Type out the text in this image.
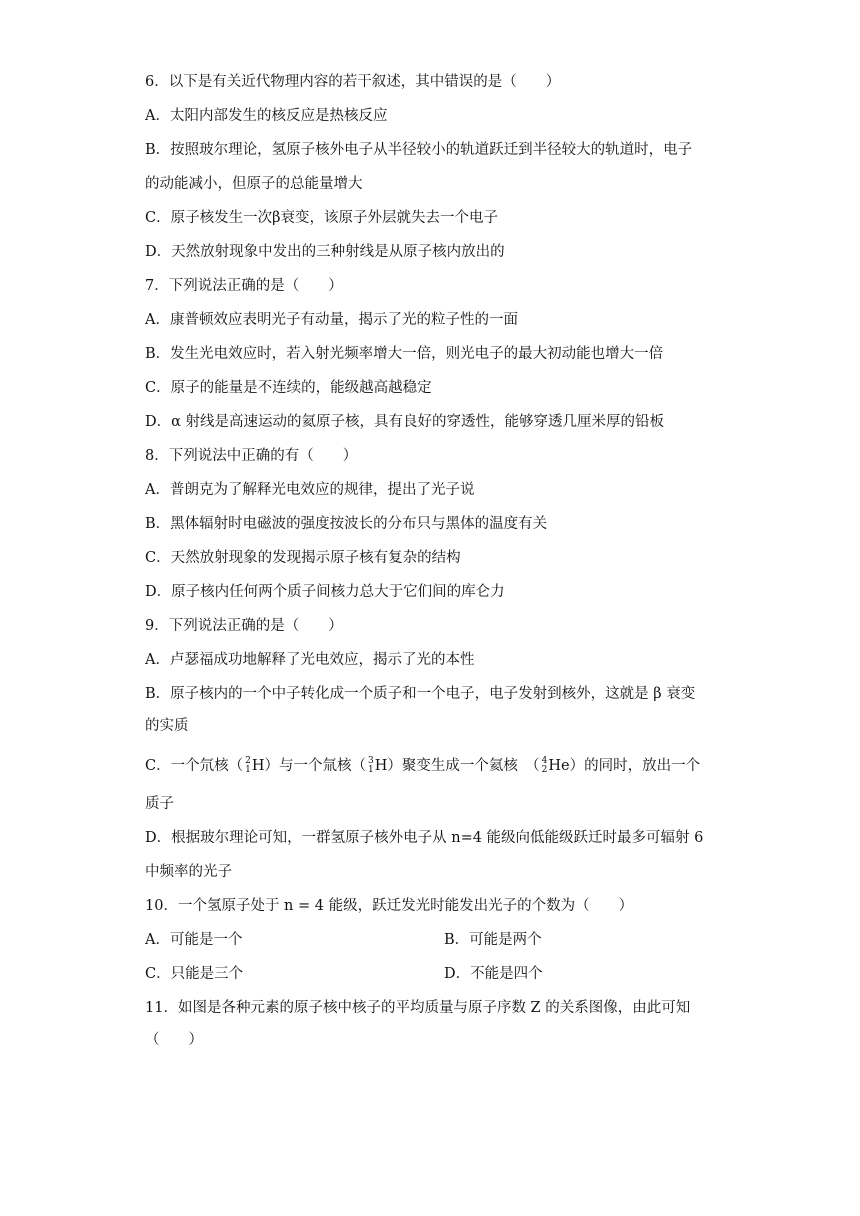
6．以下是有关近代物理内容的若干叙述，其中错误的是（　　）
A．太阳内部发生的核反应是热核反应
B．按照玻尔理论，氢原子核外电子从半径较小的轨道跃迁到半径较大的轨道时，电子
的动能减小，但原子的总能量增大
C．原子核发生一次β衰变，该原子外层就失去一个电子
D．天然放射现象中发出的三种射线是从原子核内放出的
7．下列说法正确的是（　　）
A．康普顿效应表明光子有动量，揭示了光的粒子性的一面
B．发生光电效应时，若入射光频率增大一倍，则光电子的最大初动能也增大一倍
C．原子的能量是不连续的，能级越高越稳定
D．α 射线是高速运动的氦原子核，具有良好的穿透性，能够穿透几厘米厚的铅板
8．下列说法中正确的有（　　）
A．普朗克为了解释光电效应的规律，提出了光子说
B．黑体辐射时电磁波的强度按波长的分布只与黑体的温度有关
C．天然放射现象的发现揭示原子核有复杂的结构
D．原子核内任何两个质子间核力总大于它们间的库仑力
9．下列说法正确的是（　　）
A．卢瑟福成功地解释了光电效应，揭示了光的本性
B．原子核内的一个中子转化成一个质子和一个电子，电子发射到核外，这就是 β 衰变
的实质
C．一个氘核（ 2
1 H）与一个氚核（ 3
1 H）聚变生成一个氦核　（ 4
2 He）的同时，放出一个
质子
D．根据玻尔理论可知，一群氢原子核外电子从 n=4 能级向低能级跃迁时最多可辐射 6
中频率的光子
10．一个氢原子处于 n = 4 能级，跃迁发光时能发出光子的个数为（　　）
A．可能是一个	B．可能是两个
C．只能是三个	D．不能是四个
11．如图是各种元素的原子核中核子的平均质量与原子序数 Z 的关系图像，由此可知
（　　）
